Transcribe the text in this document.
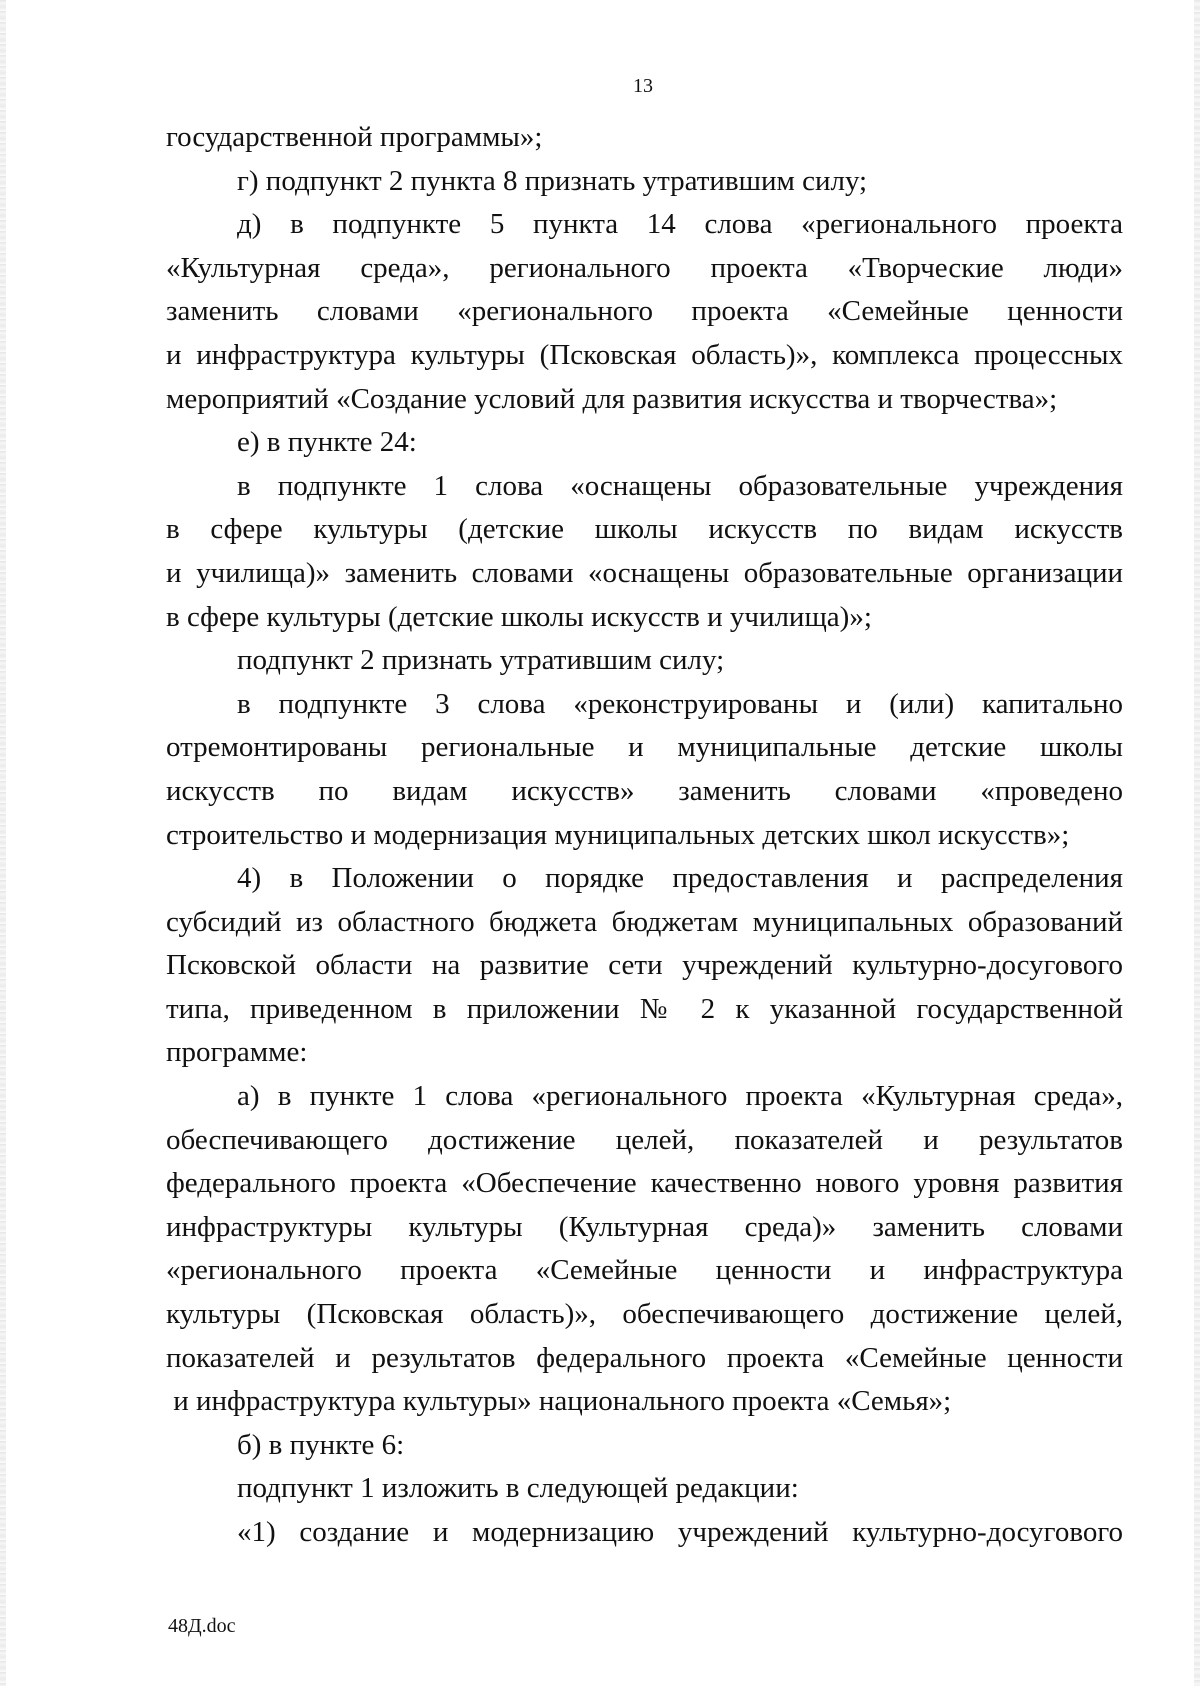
13
государственной программы»;
г) подпункт 2 пункта 8 признать утратившим силу;
д) в подпункте 5 пункта 14 слова «регионального проекта
«Культурная среда», регионального проекта «Творческие люди»
заменить словами «регионального проекта «Семейные ценности
и инфраструктура культуры (Псковская область)», комплекса процессных
мероприятий «Создание условий для развития искусства и творчества»;
е) в пункте 24:
в подпункте 1 слова «оснащены образовательные учреждения
в сфере культуры (детские школы искусств по видам искусств
и училища)» заменить словами «оснащены образовательные организации
в сфере культуры (детские школы искусств и училища)»;
подпункт 2 признать утратившим силу;
в подпункте 3 слова «реконструированы и (или) капитально
отремонтированы региональные и муниципальные детские школы
искусств по видам искусств» заменить словами «проведено
строительство и модернизация муниципальных детских школ искусств»;
4) в Положении о порядке предоставления и распределения
субсидий из областного бюджета бюджетам муниципальных образований
Псковской области на развитие сети учреждений культурно-досугового
типа, приведенном в приложении № 2 к указанной государственной
программе:
а) в пункте 1 слова «регионального проекта «Культурная среда»,
обеспечивающего достижение целей, показателей и результатов
федерального проекта «Обеспечение качественно нового уровня развития
инфраструктуры культуры (Культурная среда)» заменить словами
«регионального проекта «Семейные ценности и инфраструктура
культуры (Псковская область)», обеспечивающего достижение целей,
показателей и результатов федерального проекта «Семейные ценности
и инфраструктура культуры» национального проекта «Семья»;
б) в пункте 6:
подпункт 1 изложить в следующей редакции:
«1) создание и модернизацию учреждений культурно-досугового
48Д.doc
